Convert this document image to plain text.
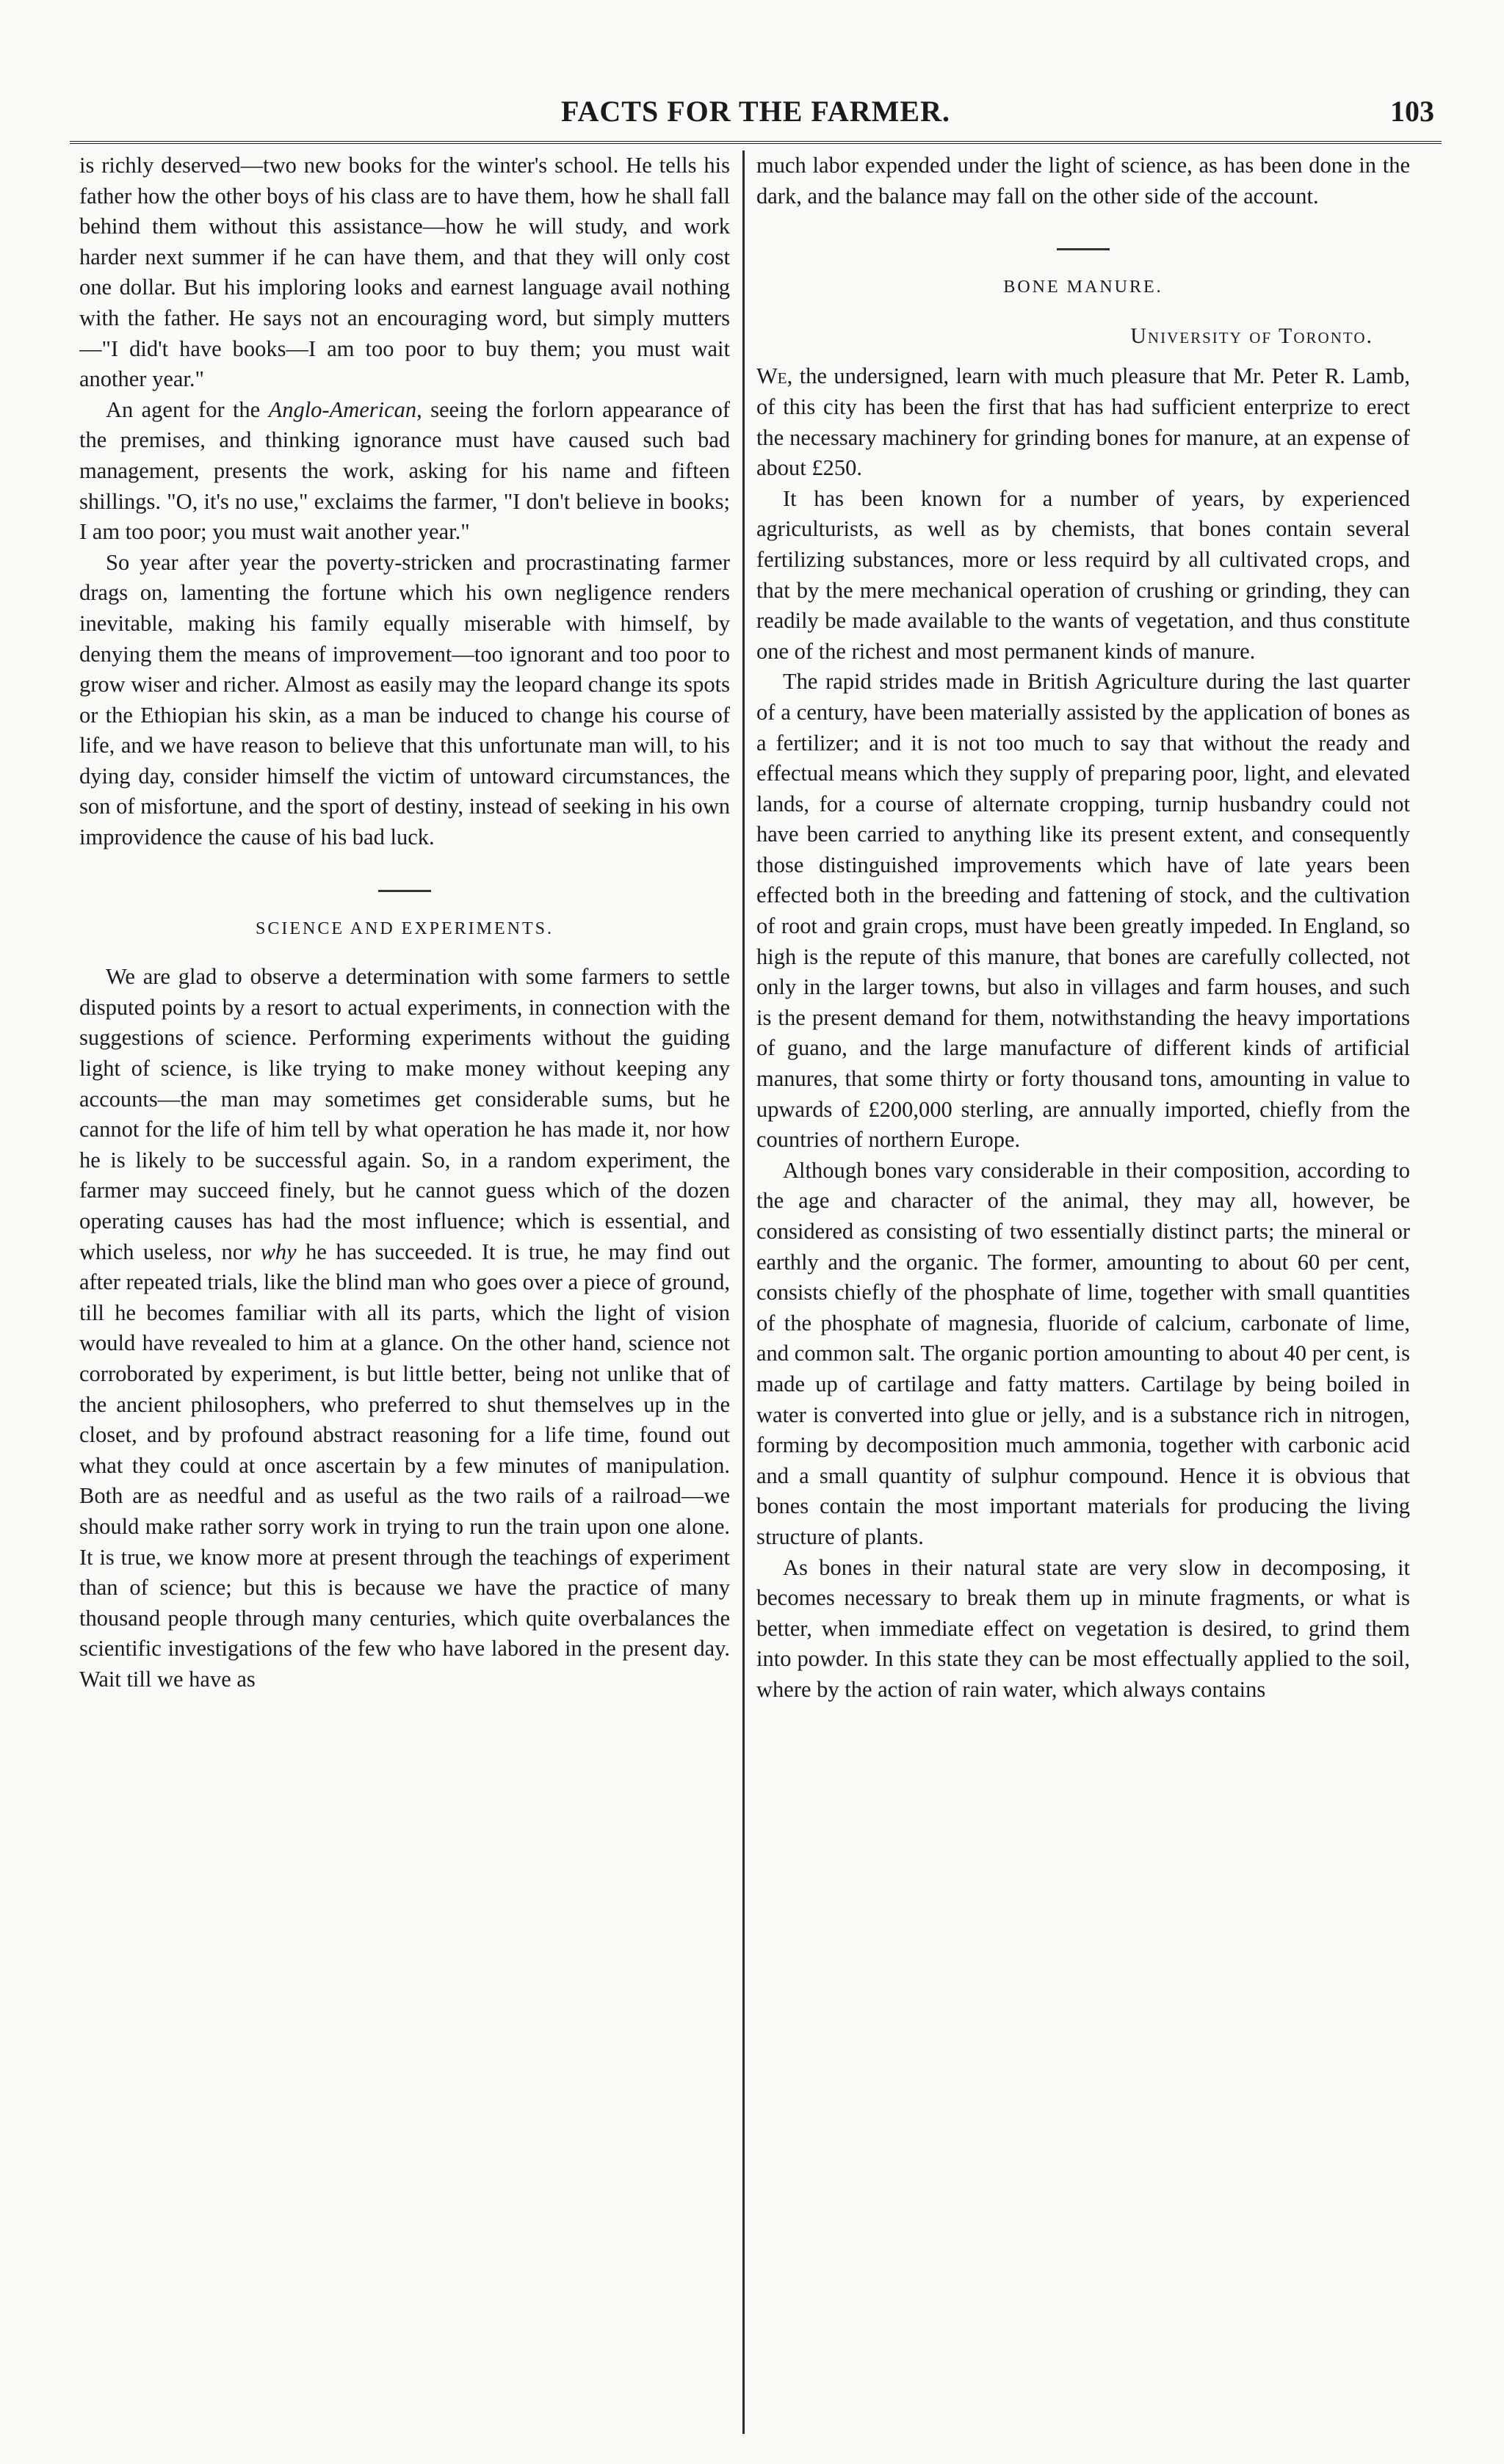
FACTS FOR THE FARMER.	103

is richly deserved—two new books for the winter's school. He tells his father how the other boys of his class are to have them, how he shall fall behind them without this assistance—how he will study, and work harder next summer if he can have them, and that they will only cost one dollar. But his imploring looks and earnest language avail nothing with the father. He says not an encouraging word, but simply mutters—"I did't have books—I am too poor to buy them; you must wait another year."

An agent for the Anglo-American, seeing the forlorn appearance of the premises, and thinking ignorance must have caused such bad management, presents the work, asking for his name and fifteen shillings. "O, it's no use," exclaims the farmer, "I don't believe in books; I am too poor; you must wait another year."

So year after year the poverty-stricken and procrastinating farmer drags on, lamenting the fortune which his own negligence renders inevitable, making his family equally miserable with himself, by denying them the means of improvement—too ignorant and too poor to grow wiser and richer. Almost as easily may the leopard change its spots or the Ethiopian his skin, as a man be induced to change his course of life, and we have reason to believe that this unfortunate man will, to his dying day, consider himself the victim of untoward circumstances, the son of misfortune, and the sport of destiny, instead of seeking in his own improvidence the cause of his bad luck.

SCIENCE AND EXPERIMENTS.

We are glad to observe a determination with some farmers to settle disputed points by a resort to actual experiments, in connection with the suggestions of science. Performing experiments without the guiding light of science, is like trying to make money without keeping any accounts—the man may sometimes get considerable sums, but he cannot for the life of him tell by what operation he has made it, nor how he is likely to be successful again. So, in a random experiment, the farmer may succeed finely, but he cannot guess which of the dozen operating causes has had the most influence; which is essential, and which useless, nor why he has succeeded. It is true, he may find out after repeated trials, like the blind man who goes over a piece of ground, till he becomes familiar with all its parts, which the light of vision would have revealed to him at a glance. On the other hand, science not corroborated by experiment, is but little better, being not unlike that of the ancient philosophers, who preferred to shut themselves up in the closet, and by profound abstract reasoning for a life time, found out what they could at once ascertain by a few minutes of manipulation. Both are as needful and as useful as the two rails of a railroad—we should make rather sorry work in trying to run the train upon one alone. It is true, we know more at present through the teachings of experiment than of science; but this is because we have the practice of many thousand people through many centuries, which quite overbalances the scientific investigations of the few who have labored in the present day. Wait till we have as

much labor expended under the light of science, as has been done in the dark, and the balance may fall on the other side of the account.

BONE MANURE.
University of Toronto.

We, the undersigned, learn with much pleasure that Mr. Peter R. Lamb, of this city has been the first that has had sufficient enterprize to erect the necessary machinery for grinding bones for manure, at an expense of about £250.

It has been known for a number of years, by experienced agriculturists, as well as by chemists, that bones contain several fertilizing substances, more or less requird by all cultivated crops, and that by the mere mechanical operation of crushing or grinding, they can readily be made available to the wants of vegetation, and thus constitute one of the richest and most permanent kinds of manure.

The rapid strides made in British Agriculture during the last quarter of a century, have been materially assisted by the application of bones as a fertilizer; and it is not too much to say that without the ready and effectual means which they supply of preparing poor, light, and elevated lands, for a course of alternate cropping, turnip husbandry could not have been carried to anything like its present extent, and consequently those distinguished improvements which have of late years been effected both in the breeding and fattening of stock, and the cultivation of root and grain crops, must have been greatly impeded. In England, so high is the repute of this manure, that bones are carefully collected, not only in the larger towns, but also in villages and farm houses, and such is the present demand for them, notwithstanding the heavy importations of guano, and the large manufacture of different kinds of artificial manures, that some thirty or forty thousand tons, amounting in value to upwards of £200,000 sterling, are annually imported, chiefly from the countries of northern Europe.

Although bones vary considerable in their composition, according to the age and character of the animal, they may all, however, be considered as consisting of two essentially distinct parts; the mineral or earthly and the organic. The former, amounting to about 60 per cent, consists chiefly of the phosphate of lime, together with small quantities of the phosphate of magnesia, fluoride of calcium, carbonate of lime, and common salt. The organic portion amounting to about 40 per cent, is made up of cartilage and fatty matters. Cartilage by being boiled in water is converted into glue or jelly, and is a substance rich in nitrogen, forming by decomposition much ammonia, together with carbonic acid and a small quantity of sulphur compound. Hence it is obvious that bones contain the most important materials for producing the living structure of plants.

As bones in their natural state are very slow in decomposing, it becomes necessary to break them up in minute fragments, or what is better, when immediate effect on vegetation is desired, to grind them into powder. In this state they can be most effectually applied to the soil, where by the action of rain water, which always contains
